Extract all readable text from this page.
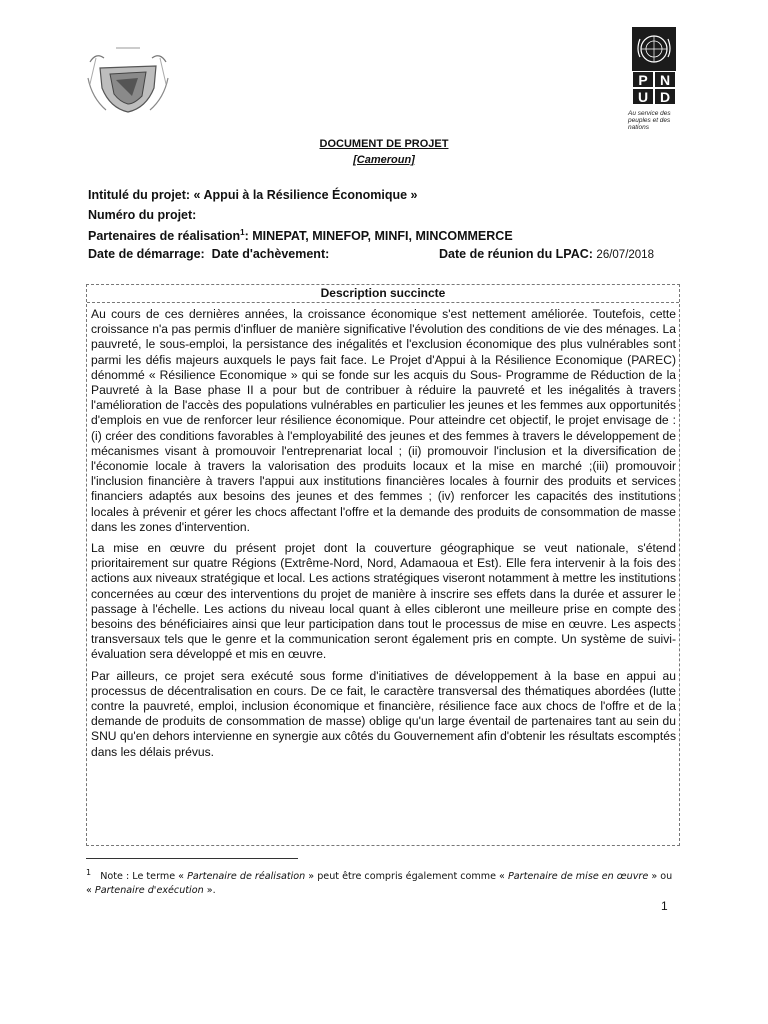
P N
U D
Au service des peuples et des nations
DOCUMENT DE PROJET
[Cameroun]
Intitulé du projet: « Appui à la Résilience Économique »
Numéro du projet:
Partenaires de réalisation$^1$: MINEPAT, MINEFOP, MINFI, MINCOMMERCE
Date de démarrage: Date d'achèvement:	Date de réunion du LPAC: 26/07/2018
Description succincte

Au cours de ces dernières années, la croissance économique s'est nettement améliorée. Toutefois, cette croissance n'a pas permis d'influer de manière significative l'évolution des conditions de vie des ménages. La pauvreté, le sous-emploi, la persistance des inégalités et l'exclusion économique des plus vulnérables sont parmi les défis majeurs auxquels le pays fait face. Le Projet d'Appui à la Résilience Economique (PAREC) dénommé « Résilience Economique » qui se fonde sur les acquis du Sous- Programme de Réduction de la Pauvreté à la Base phase II a pour but de contribuer à réduire la pauvreté et les inégalités à travers l'amélioration de l'accès des populations vulnérables en particulier les jeunes et les femmes aux opportunités d'emplois en vue de renforcer leur résilience économique. Pour atteindre cet objectif, le projet envisage de : (i) créer des conditions favorables à l'employabilité des jeunes et des femmes à travers le développement de mécanismes visant à promouvoir l'entreprenariat local ; (ii) promouvoir l'inclusion et la diversification de l'économie locale à travers la valorisation des produits locaux et la mise en marché ;(iii) promouvoir l'inclusion financière à travers l'appui aux institutions financières locales à fournir des produits et services financiers adaptés aux besoins des jeunes et des femmes ; (iv) renforcer les capacités des institutions locales à prévenir et gérer les chocs affectant l'offre et la demande des produits de consommation de masse dans les zones d'intervention.

La mise en œuvre du présent projet dont la couverture géographique se veut nationale, s'étend prioritairement sur quatre Régions (Extrême-Nord, Nord, Adamaoua et Est). Elle fera intervenir à la fois des actions aux niveaux stratégique et local. Les actions stratégiques viseront notamment à mettre les institutions concernées au cœur des interventions du projet de manière à inscrire ses effets dans la durée et assurer le passage à l'échelle. Les actions du niveau local quant à elles cibleront une meilleure prise en compte des besoins des bénéficiaires ainsi que leur participation dans tout le processus de mise en œuvre. Les aspects transversaux tels que le genre et la communication seront également pris en compte. Un système de suivi-évaluation sera développé et mis en œuvre.

Par ailleurs, ce projet sera exécuté sous forme d'initiatives de développement à la base en appui au processus de décentralisation en cours. De ce fait, le caractère transversal des thématiques abordées (lutte contre la pauvreté, emploi, inclusion économique et financière, résilience face aux chocs de l'offre et de la demande de produits de consommation de masse) oblige qu'un large éventail de partenaires tant au sein du SNU qu'en dehors intervienne en synergie aux côtés du Gouvernement afin d'obtenir les résultats escomptés dans les délais prévus.

$^1$ Note : Le terme « Partenaire de réalisation » peut être compris également comme « Partenaire de mise en œuvre » ou « Partenaire d'exécution ».
1
